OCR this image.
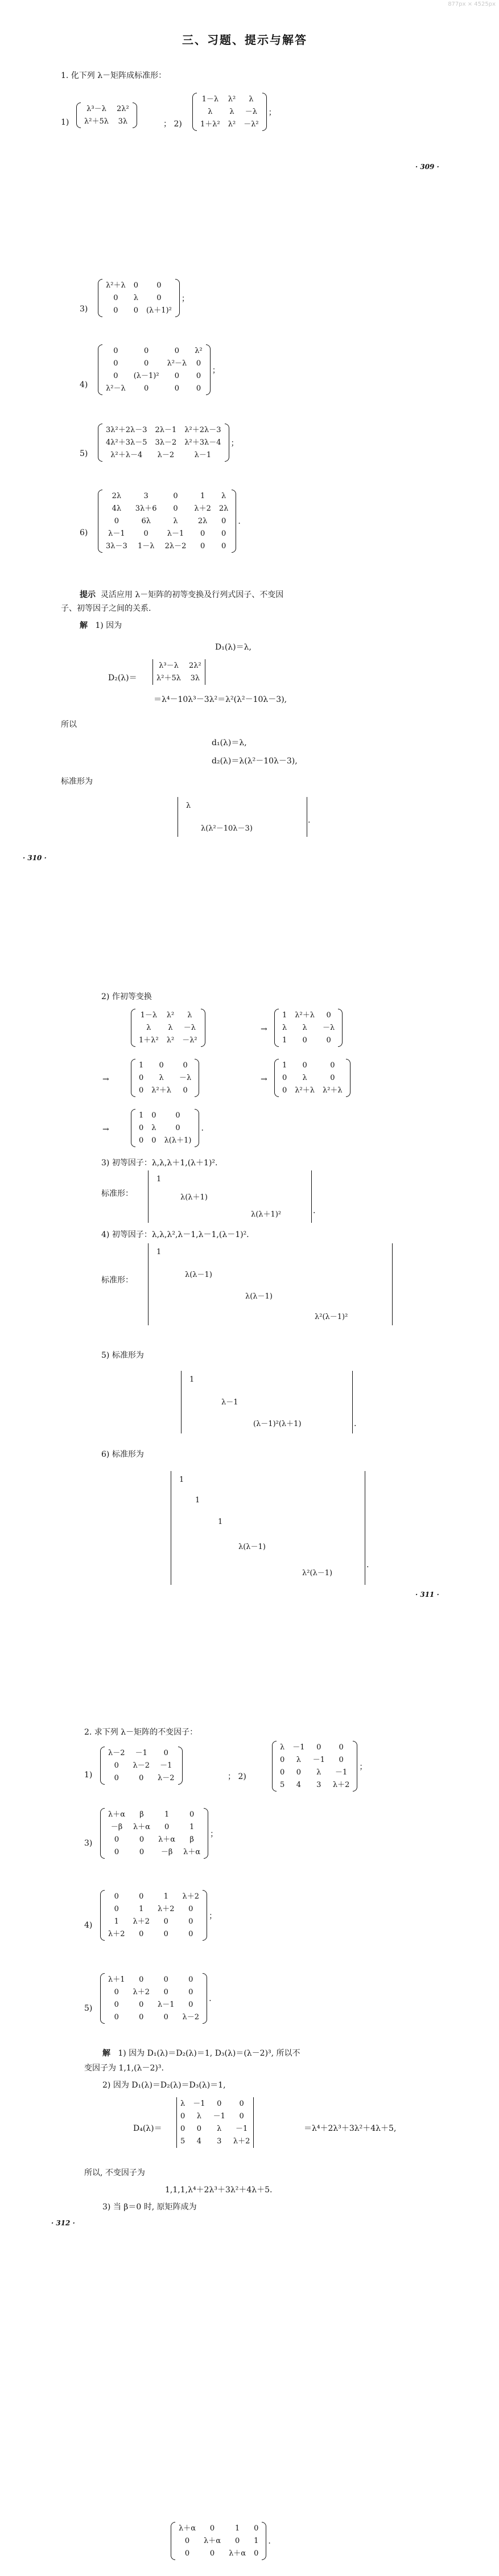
877px × 4525px
三、习题、提示与解答
1. 化下列 λ－矩阵成标准形：
1)
λ³－λ	2λ²
λ²＋5λ 3λ	； 2)
1－λ λ²	λ
λ	λ －λ
1＋λ² λ² －λ²
；
· 309 ·
3)
λ²＋λ 0	0
0	λ	0
0	0 (λ＋1)²
；
4)
0	0	0	λ²
0	0	λ²－λ 0
0	(λ－1)²	0	0
λ²－λ	0	0	0
；
5)
3λ²＋2λ－3 2λ－1 λ²＋2λ－3
4λ²＋3λ－5 3λ－2 λ²＋3λ－4
λ²＋λ－4	λ－2	λ－1
；
6)
2λ	3	0	1	λ
4λ	3λ＋6	0	λ＋2 2λ
0	6λ	λ	2λ	0
λ－1	0	λ－1	0	0
3λ－3	1－λ	2λ－2	0	0
.
提示 灵活应用 λ－矩阵的初等变换及行列式因子、不变因
子、初等因子之间的关系.
解 1) 因为
D₁(λ)＝λ,
D₂(λ)＝
λ³－λ	2λ²
λ²＋5λ 3λ
＝λ⁴－10λ³－3λ²＝λ²(λ²－10λ－3),
所以
d₁(λ)＝λ,
d₂(λ)＝λ(λ²－10λ－3),
标准形为
λ
λ(λ²－10λ－3)
.
· 310 ·
2) 作初等变换
1－λ λ²	λ
λ	λ －λ
1＋λ² λ² －λ²
→
1 λ²＋λ	0
λ	λ	－λ
1	0	0
→
1	0	0
0	λ	－λ
0 λ²＋λ	0
→
1	0	0
0	λ	0
0 λ²＋λ λ²＋λ
→
1 0	0
0 λ	0
0 0 λ(λ＋1)
.
3) 初等因子：λ,λ,λ＋1,(λ＋1)².
标准形：
1
λ(λ＋1)
λ(λ＋1)²	.
4) 初等因子：λ,λ,λ²,λ－1,λ－1,(λ－1)².
标准形：
1
λ(λ－1)
λ(λ－1)
λ²(λ－1)²
5) 标准形为
1
λ－1
(λ－1)²(λ＋1)	.
6) 标准形为
1
1
1
λ(λ－1)
λ²(λ－1)
.
· 311 ·
2. 求下列 λ－矩阵的不变因子：
1)
λ－2	－1	0
0	λ－2	－1
0	0	λ－2	； 2)
λ －1	0	0
0	λ	－1	0
0	0	λ	－1
5	4	3	λ＋2
；
3)
λ＋α	β	1	0
－β	λ＋α	0	1
0	0	λ＋α	β
0	0	－β	λ＋α
；
4)
0	0	1	λ＋2
0	1	λ＋2	0
1	λ＋2	0	0
λ＋2	0	0	0
；
5)
λ＋1	0	0	0
0	λ＋2	0	0
0	0	λ－1	0
0	0	0	λ－2
.
解 1) 因为 D₁(λ)＝D₂(λ)＝1, D₃(λ)＝(λ－2)³, 所以不
变因子为 1,1,(λ－2)³.
2) 因为 D₁(λ)＝D₂(λ)＝D₃(λ)＝1,
D₄(λ)＝
λ －1	0	0
0	λ	－1	0
0	0	λ	－1
5	4	3	λ＋2
＝λ⁴＋2λ³＋3λ²＋4λ＋5,
所以, 不变因子为
1,1,1,λ⁴＋2λ³＋3λ²＋4λ＋5.
3) 当 β＝0 时, 原矩阵成为
· 312 ·
λ＋α	0	1	0
0	λ＋α	0	1
0	0	λ＋α 0
.
